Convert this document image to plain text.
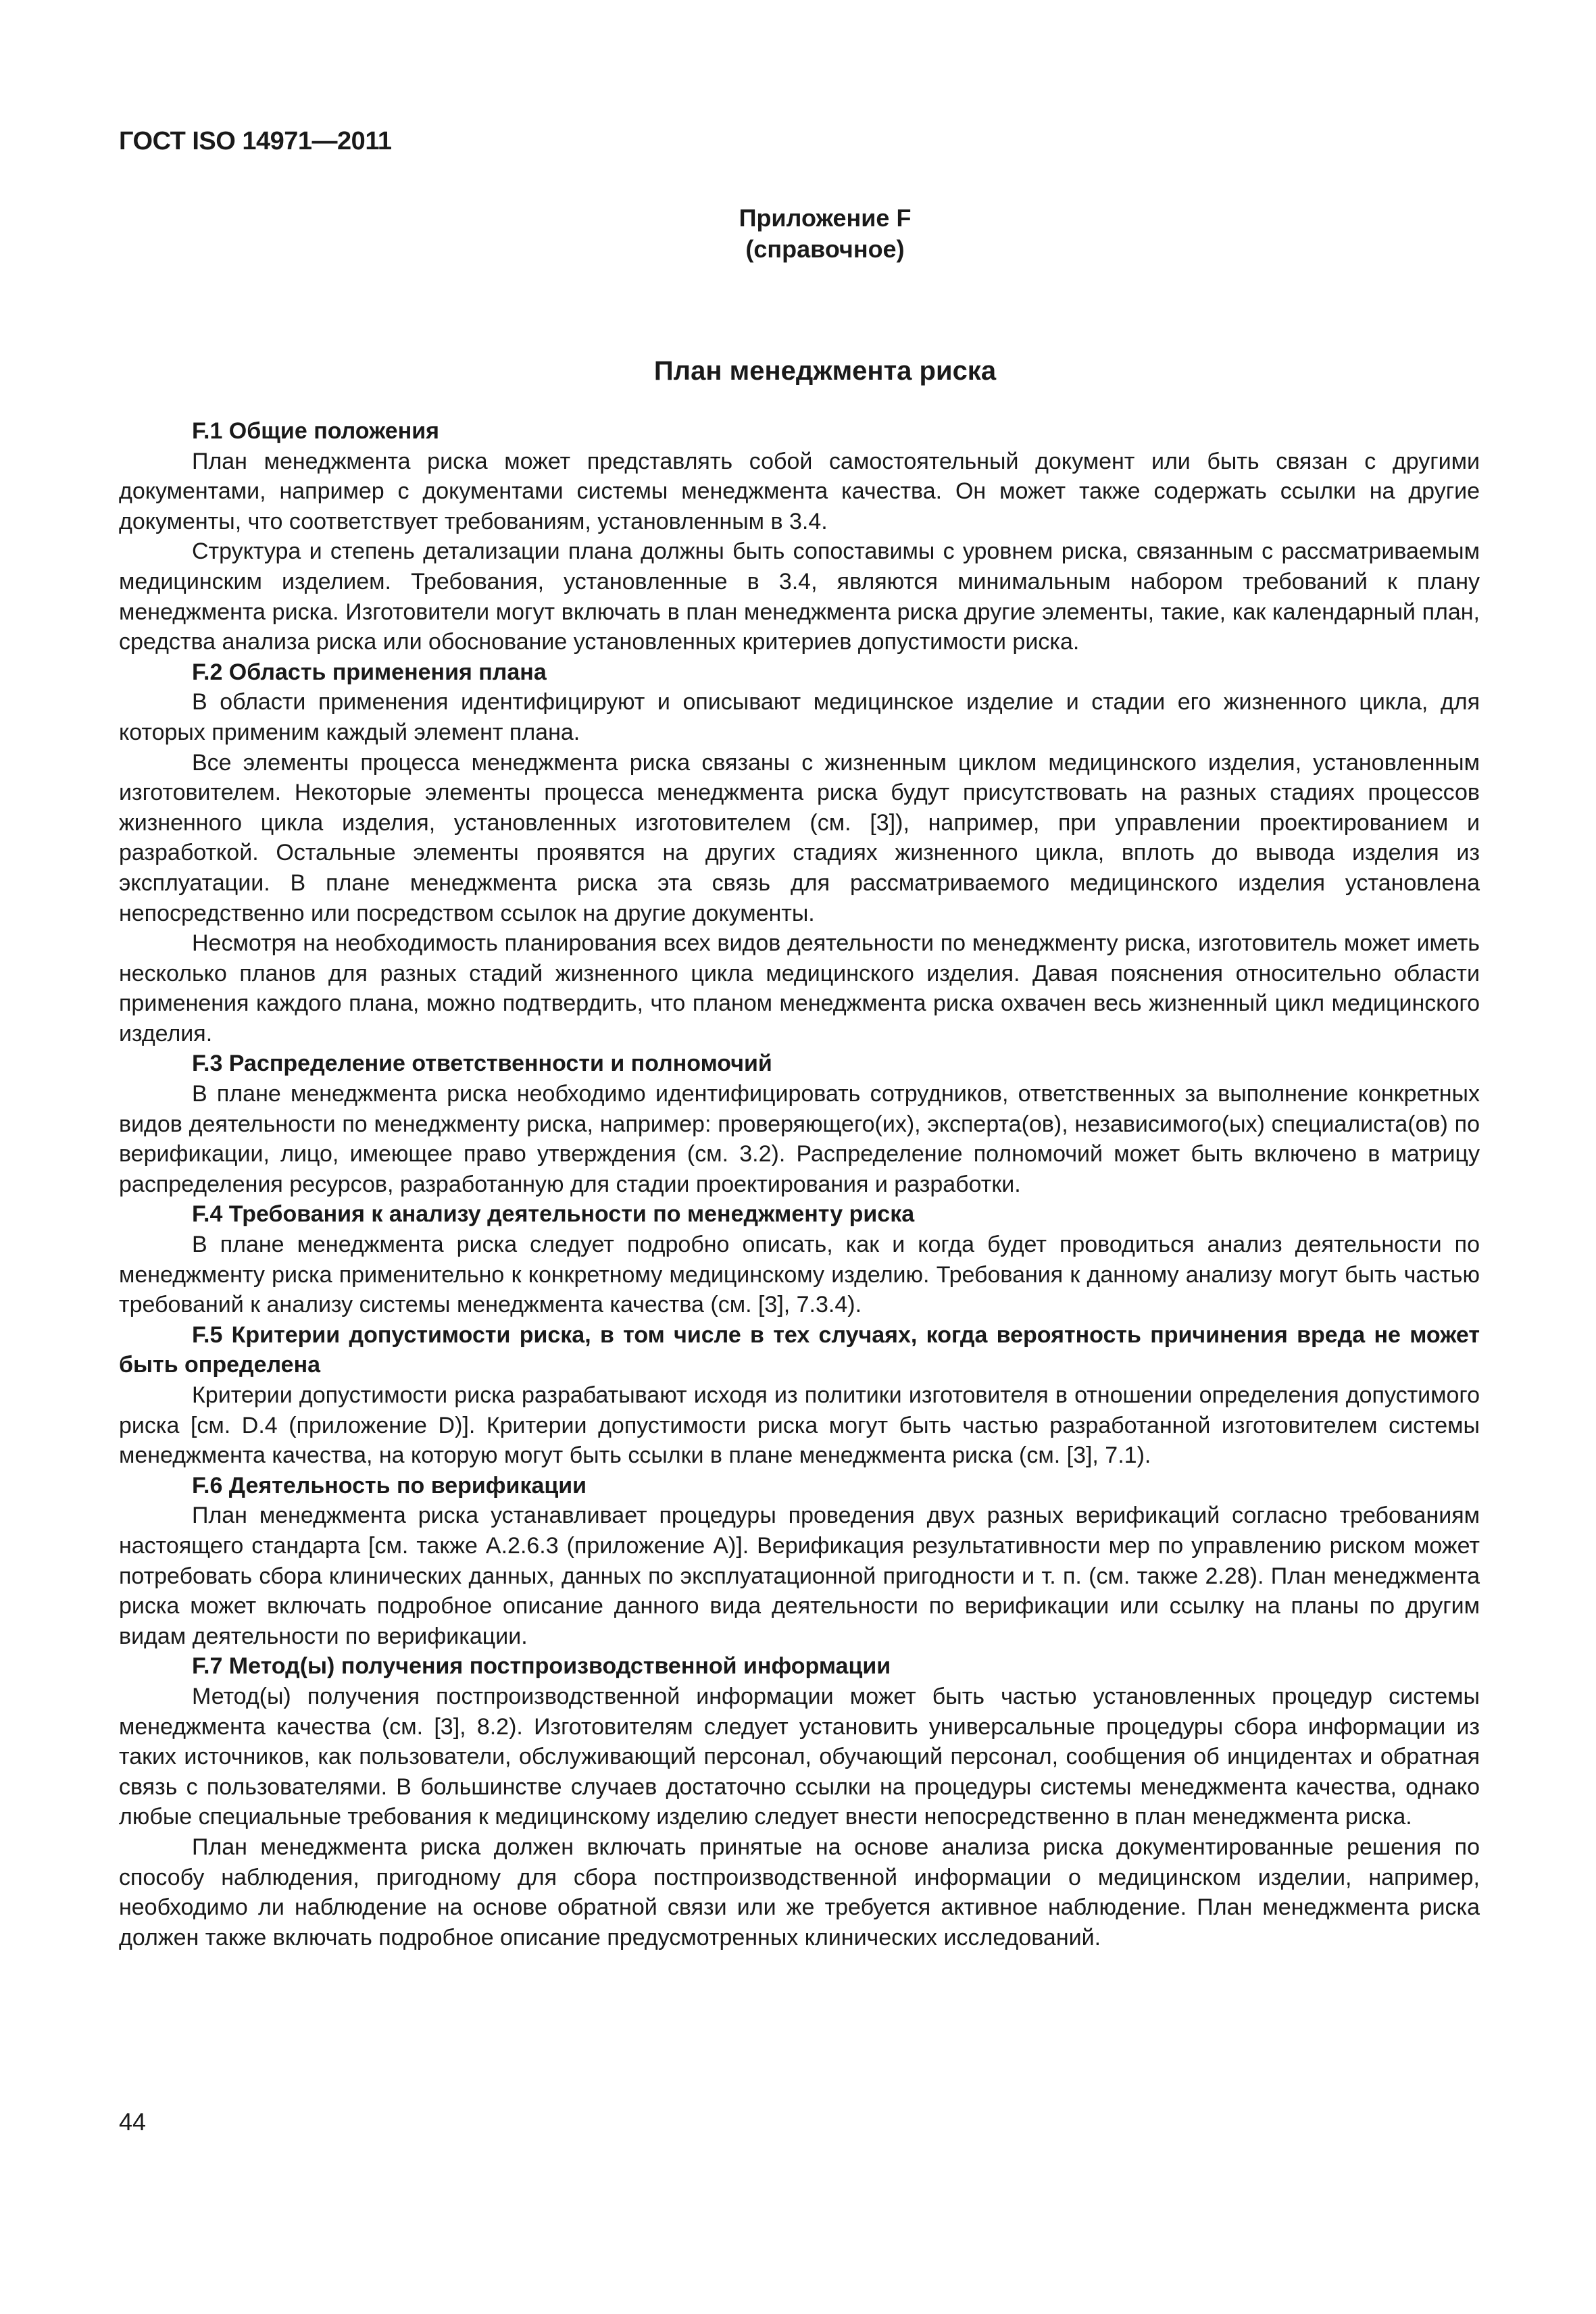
ГОСТ ISO 14971—2011
Приложение F
(справочное)
План менеджмента риска
F.1 Общие положения

План менеджмента риска может представлять собой самостоятельный документ или быть связан с другими документами, например с документами системы менеджмента качества. Он может также содержать ссылки на другие документы, что соответствует требованиям, установленным в 3.4.

Структура и степень детализации плана должны быть сопоставимы с уровнем риска, связанным с рассматриваемым медицинским изделием. Требования, установленные в 3.4, являются минимальным набором требований к плану менеджмента риска. Изготовители могут включать в план менеджмента риска другие элементы, такие, как календарный план, средства анализа риска или обоснование установленных критериев допустимости риска.

F.2 Область применения плана

В области применения идентифицируют и описывают медицинское изделие и стадии его жизненного цикла, для которых применим каждый элемент плана.

Все элементы процесса менеджмента риска связаны с жизненным циклом медицинского изделия, установленным изготовителем. Некоторые элементы процесса менеджмента риска будут присутствовать на разных стадиях процессов жизненного цикла изделия, установленных изготовителем (см. [3]), например, при управлении проектированием и разработкой. Остальные элементы проявятся на других стадиях жизненного цикла, вплоть до вывода изделия из эксплуатации. В плане менеджмента риска эта связь для рассматриваемого медицинского изделия установлена непосредственно или посредством ссылок на другие документы.

Несмотря на необходимость планирования всех видов деятельности по менеджменту риска, изготовитель может иметь несколько планов для разных стадий жизненного цикла медицинского изделия. Давая пояснения относительно области применения каждого плана, можно подтвердить, что планом менеджмента риска охвачен весь жизненный цикл медицинского изделия.

F.3 Распределение ответственности и полномочий

В плане менеджмента риска необходимо идентифицировать сотрудников, ответственных за выполнение конкретных видов деятельности по менеджменту риска, например: проверяющего(их), эксперта(ов), независимого(ых) специалиста(ов) по верификации, лицо, имеющее право утверждения (см. 3.2). Распределение полномочий может быть включено в матрицу распределения ресурсов, разработанную для стадии проектирования и разработки.

F.4 Требования к анализу деятельности по менеджменту риска

В плане менеджмента риска следует подробно описать, как и когда будет проводиться анализ деятельности по менеджменту риска применительно к конкретному медицинскому изделию. Требования к данному анализу могут быть частью требований к анализу системы менеджмента качества (см. [3], 7.3.4).

F.5 Критерии допустимости риска, в том числе в тех случаях, когда вероятность причинения вреда не может быть определена

Критерии допустимости риска разрабатывают исходя из политики изготовителя в отношении определения допустимого риска [см. D.4 (приложение D)]. Критерии допустимости риска могут быть частью разработанной изготовителем системы менеджмента качества, на которую могут быть ссылки в плане менеджмента риска (см. [3], 7.1).

F.6 Деятельность по верификации

План менеджмента риска устанавливает процедуры проведения двух разных верификаций согласно требованиям настоящего стандарта [см. также А.2.6.3 (приложение А)]. Верификация результативности мер по управлению риском может потребовать сбора клинических данных, данных по эксплуатационной пригодности и т. п. (см. также 2.28). План менеджмента риска может включать подробное описание данного вида деятельности по верификации или ссылку на планы по другим видам деятельности по верификации.

F.7 Метод(ы) получения постпроизводственной информации

Метод(ы) получения постпроизводственной информации может быть частью установленных процедур системы менеджмента качества (см. [3], 8.2). Изготовителям следует установить универсальные процедуры сбора информации из таких источников, как пользователи, обслуживающий персонал, обучающий персонал, сообщения об инцидентах и обратная связь с пользователями. В большинстве случаев достаточно ссылки на процедуры системы менеджмента качества, однако любые специальные требования к медицинскому изделию следует внести непосредственно в план менеджмента риска.

План менеджмента риска должен включать принятые на основе анализа риска документированные решения по способу наблюдения, пригодному для сбора постпроизводственной информации о медицинском изделии, например, необходимо ли наблюдение на основе обратной связи или же требуется активное наблюдение. План менеджмента риска должен также включать подробное описание предусмотренных клинических исследований.

44
